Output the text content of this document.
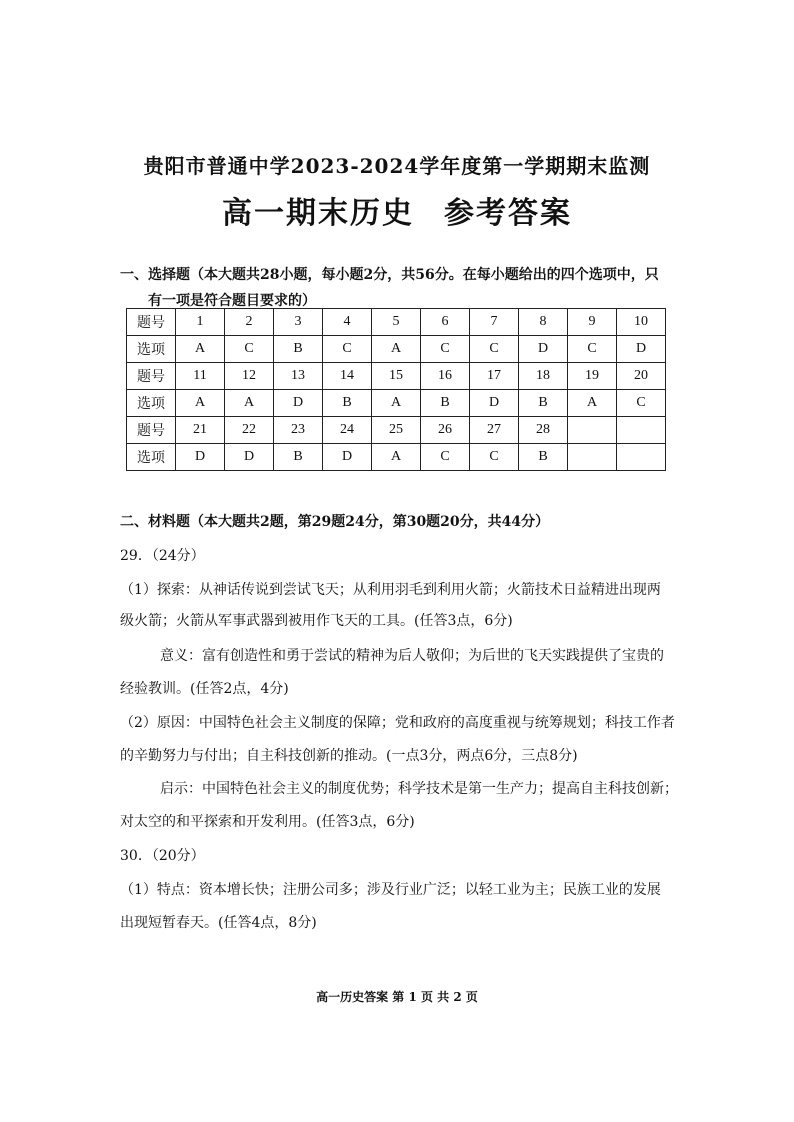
贵阳市普通中学2023-2024学年度第一学期期末监测
高一期末历史 参考答案
一、选择题（本大题共28小题，每小题2分，共56分。在每小题给出的四个选项中，只
有一项是符合题目要求的）
题号	1	2	3	4	5	6	7	8	9	10
选项	A	C	B	C	A	C	C	D	C	D
题号	11	12	13	14	15	16	17	18	19	20
选项	A	A	D	B	A	B	D	B	A	C
题号	21	22	23	24	25	26	27	28		
选项	D	D	B	D	A	C	C	B		
二、材料题（本大题共2题，第29题24分，第30题20分，共44分）
29．（24分）
（1）探索：从神话传说到尝试飞天；从利用羽毛到利用火箭；火箭技术日益精进出现两
级火箭；火箭从军事武器到被用作飞天的工具。(任答3点，6分)
意义：富有创造性和勇于尝试的精神为后人敬仰；为后世的飞天实践提供了宝贵的
经验教训。(任答2点，4分)
（2）原因：中国特色社会主义制度的保障；党和政府的高度重视与统筹规划；科技工作者
的辛勤努力与付出；自主科技创新的推动。(一点3分，两点6分，三点8分)
启示：中国特色社会主义的制度优势；科学技术是第一生产力；提高自主科技创新；
对太空的和平探索和开发利用。(任答3点，6分)
30．（20分）
（1）特点：资本增长快；注册公司多；涉及行业广泛；以轻工业为主；民族工业的发展
出现短暂春天。(任答4点，8分)
高一历史答案 第 1 页 共 2 页
